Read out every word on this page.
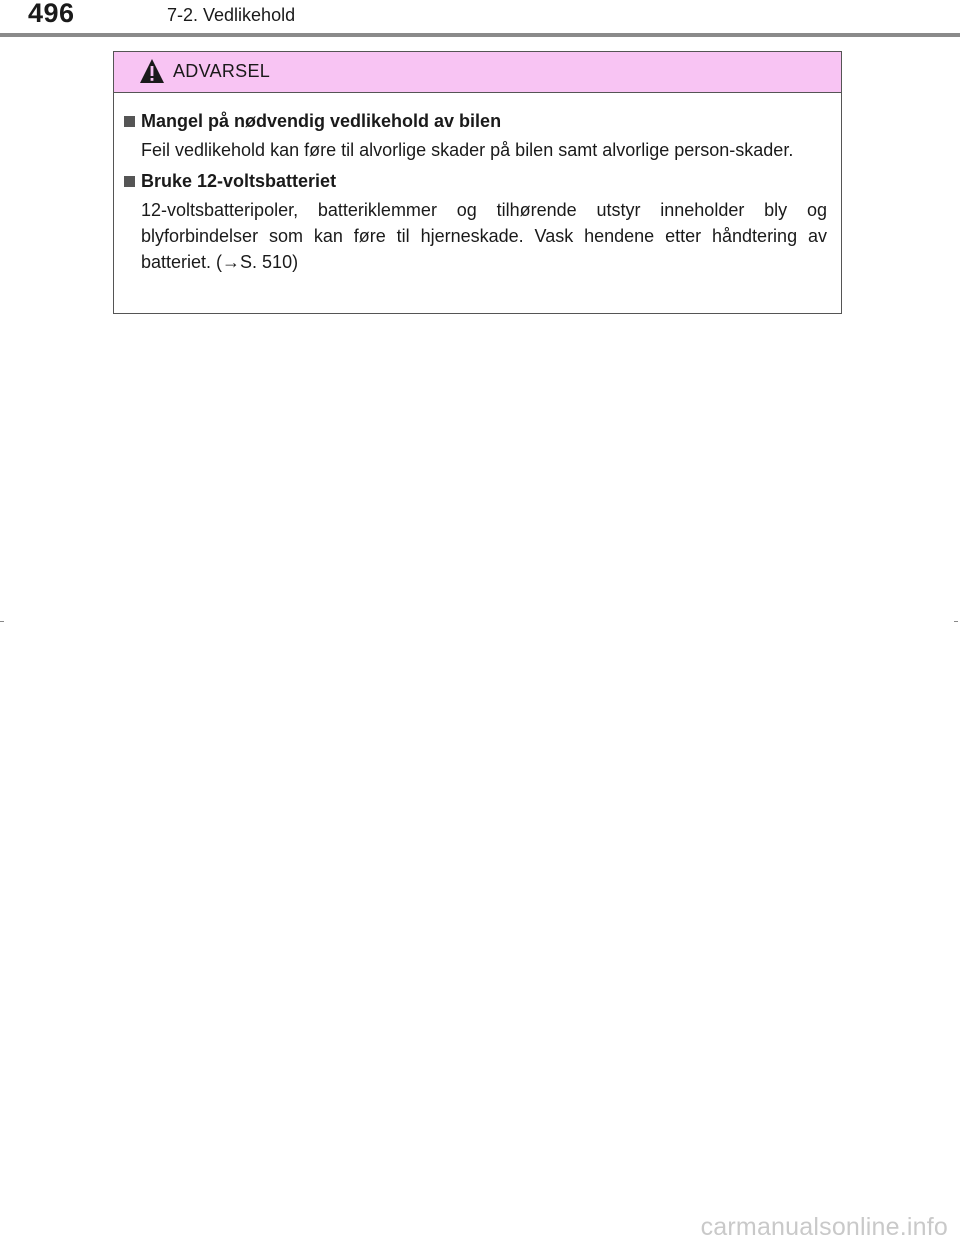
496	7-2. Vedlikehold
ADVARSEL
Mangel på nødvendig vedlikehold av bilen
Feil vedlikehold kan føre til alvorlige skader på bilen samt alvorlige person-skader.
Bruke 12-voltsbatteriet
12-voltsbatteripoler, batteriklemmer og tilhørende utstyr inneholder bly og blyforbindelser som kan føre til hjerneskade. Vask hendene etter håndtering av batteriet. (→S. 510)
carmanualsonline.info
